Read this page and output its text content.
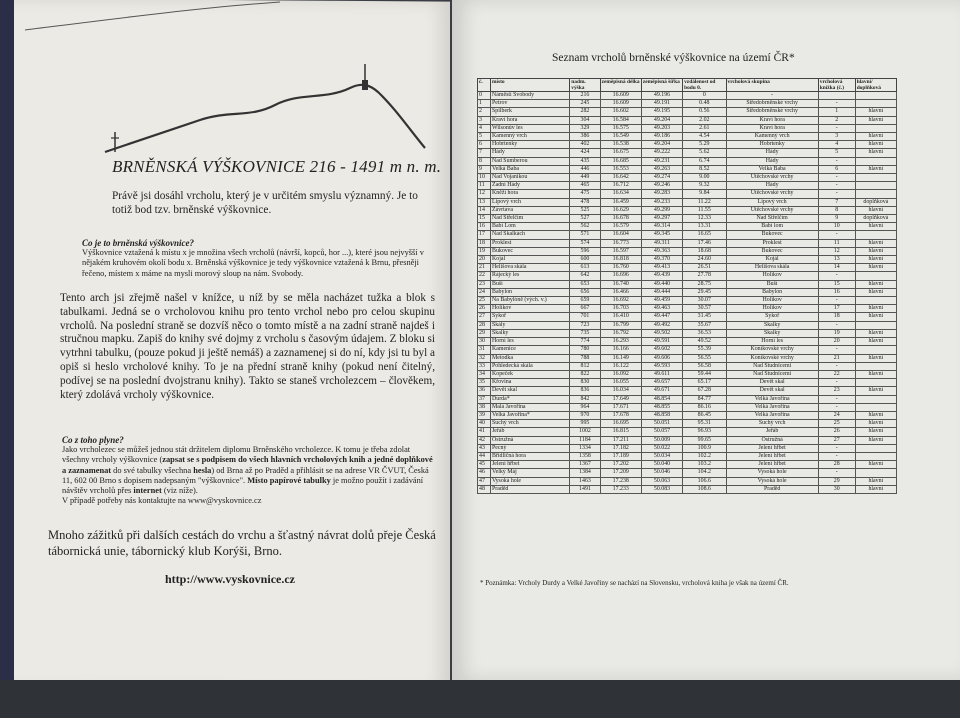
BRNĚNSKÁ VÝŠKOVNICE 216 - 1491 m n. m.
Právě jsi dosáhl vrcholu, který je v určitém smyslu významný. Je to totiž bod tzv. brněnské výškovnice.
Co je to brněnská výškovnice?
Výškovnice vztažená k místu x je množina všech vrcholů (návrší, kopců, hor ...), které jsou nejvyšší v nějakém kruhovém okolí bodu x. Brněnská výškovnice je tedy výškovnice vztažená k Brnu, přesněji řečeno, místem x máme na mysli morový sloup na nám. Svobody.
Tento arch jsi zřejmě našel v knížce, u níž by se měla nacházet tužka a blok s tabulkami. Jedná se o vrcholovou knihu pro tento vrchol nebo pro celou skupinu vrcholů. Na poslední straně se dozvíš něco o tomto místě a na zadní straně najdeš i stručnou mapku. Zapiš do knihy své dojmy z vrcholu s časovým údajem. Z bloku si vytrhni tabulku, (pouze pokud ji ještě nemáš) a zaznamenej si do ní, kdy jsi tu byl a opiš si heslo vrcholové knihy. To je na přední straně knihy (pokud není čitelný, podívej se na poslední dvojstranu knihy). Takto se staneš vrcholezcem – člověkem, který zdolává vrcholy výškovnice.
Co z toho plyne?
Jako vrcholezec se můžeš jednou stát držitelem diplomu Brněnského vrcholezce. K tomu je třeba zdolat všechny vrcholy výškovnice (zapsat se s podpisem do všech hlavních vrcholových knih a jedné doplňkové a zaznamenat do své tabulky všechna hesla) od Brna až po Praděd a přihlásit se na adrese VR ČVUT, Česká 11, 602 00 Brno s dopisem nadepsaným "výškovnice". Místo papírové tabulky je možno použít i zadávání návštěv vrcholů přes internet (viz níže).
V případě potřeby nás kontaktujte na www@vyskovnice.cz
Mnoho zážitků při dalších cestách do vrchu a šťastný návrat dolů přeje Česká tábornická unie, tábornický klub Korýši, Brno.
http://www.vyskovnice.cz
Seznam vrcholů brněnské výškovnice na území ČR*
č.	místo	nadm. výška	zeměpisná délka	zeměpisná šířka	vzdálenost od bodu 0.	vrcholová skupina	vrcholová knížka (č.)	hlavní/ doplňková
0	Náměstí Svobody	216	16.609	49.196	0	-		
1	Petrov	245	16.609	49.191	0.48	Středobrněnské vrchy	-	
2	Špilberk	282	16.602	49.195	0.56	Středobrněnské vrchy	1	hlavní
3	Kraví hora	304	16.584	49.204	2.02	Kraví hora	2	hlavní
4	Wilsonův les	329	16.575	49.203	2.61	Kraví hora	-	
5	Kamenný vrch	386	16.549	49.186	4.54	Kamenný vrch	3	hlavní
6	Hobrtenky	402	16.538	49.204	5.29	Hobrtenky	4	hlavní
7	Hády	424	16.675	49.222	5.62	Hády	5	hlavní
8	Nad Šumberou	435	16.685	49.231	6.74	Hády	-	
9	Velká Baba	446	16.553	49.263	8.52	Velká Baba	6	hlavní
10	Nad Vojanikou	449	16.642	49.274	9.00	Útěchovské vrchy	-	
11	Zadní Hády	465	16.712	49.246	9.32	Hády	-	
12	Kněží hora	475	16.634	49.283	9.84	Útěchovské vrchy	-	
13	Lipový vrch	478	16.459	49.233	11.22	Lipový vrch	7	doplňková
14	Závrtava	525	16.629	49.299	11.55	Útěchovské vrchy	8	hlavní
15	Nad Střelčím	527	16.678	49.297	12.33	Nad Střelčím	9	doplňková
16	Babí Lom	562	16.579	49.314	13.31	Babí lom	10	hlavní
17	Nad Skalkách	571	16.604	49.345	16.65	Bukovec	-	
18	Proklest	574	16.773	49.311	17.46	Proklest	11	hlavní
19	Bukovec	596	16.597	49.363	18.68	Bukovec	12	hlavní
20	Kojál	600	16.818	49.370	24.60	Kojál	13	hlavní
21	Helišova skála	613	16.760	49.413	26.51	Helišova skála	14	hlavní
22	Rájecký les	642	16.696	49.439	27.78	Holíkov	-	
23	Buší	653	16.740	49.440	28.75	Buší	15	hlavní
24	Babylon	656	16.466	49.444	29.45	Babylon	16	hlavní
25	Na Babylóně (vých. v.)	659	16.692	49.459	30.07	Holíkov	-	
26	Holíkov	667	16.703	49.463	30.57	Holíkov	17	hlavní
27	Sykoř	701	16.410	49.447	31.45	Sykoř	18	hlavní
28	Skály	723	16.799	49.492	35.67	Skalky	-	
29	Skalky	735	16.792	49.502	36.53	Skalky	19	hlavní
30	Horní les	774	16.293	49.591	49.52	Horní les	20	hlavní
31	Kamenice	780	16.166	49.602	55.39	Koníkovské vrchy	-	
32	Metodka	788	16.149	49.606	56.55	Koníkovské vrchy	21	hlavní
33	Pohledecká skála	812	16.122	49.593	56.58	Nad Studnicemi	-	
34	Kopeček	822	16.092	49.611	59.44	Nad Studnicemi	22	hlavní
35	Křovina	830	16.055	49.657	65.17	Devět skal	-	
36	Devět skal	836	16.034	49.671	67.28	Devět skal	23	hlavní
37	Durda*	842	17.649	48.854	84.77	Velká Javořina	-	
38	Malá Javořina	964	17.671	48.855	86.16	Velká Javořina	-	
39	Velká Javořina*	970	17.678	48.858	86.45	Velká Javořina	24	hlavní
40	Suchý vrch	995	16.695	50.051	95.31	Suchý vrch	25	hlavní
41	Jeřáb	1002	16.815	50.057	96.93	Jeřáb	26	hlavní
42	Ostružná	1184	17.211	50.009	99.65	Ostružná	27	hlavní
43	Pecný	1334	17.182	50.022	100.9	Jelení hřbet	-	
44	Břidličná hora	1358	17.189	50.034	102.2	Jelení hřbet	-	
45	Jelení hřbet	1367	17.202	50.040	103.2	Jelení hřbet	28	hlavní
46	Velký Máj	1384	17.209	50.046	104.2	Vysoká hole	-	
47	Vysoká hole	1463	17.238	50.063	106.6	Vysoká hole	29	hlavní
48	Praděd	1491	17.233	50.083	108.6	Praděd	30	hlavní
* Poznámka: Vrcholy Durdy a Velké Javořiny se nachází na Slovensku, vrcholová kniha je však na území ČR.
